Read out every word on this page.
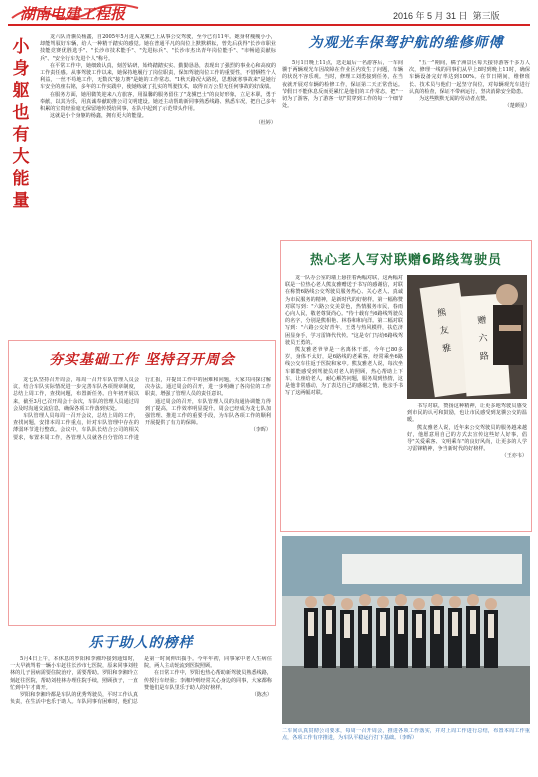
湖南电建工程报	2016 年 5 月 31 日 第三版
小身躯也有大能量

龙六队胥骥员杨鑫，自2005年5月进入龙骥已上从事公交驾驶，至今已有11年。她身材瘦瘦小小，却能驾驭好车辆，给人一种精干踏实的感觉。她在普通平凡的岗位上默默耕耘，曾先后获得"长沙市职业技能竞赛优胜选手"、"长沙市技术能手"、"先进标兵"、"长沙市杰出青年岗位能手"、"市畅通贡献标兵"、"安全行车先进个人"称号。

在平常工作中，她细致认真，刻苦钻研，始终踏踏实实、勤勤恳恳，表现出了强烈的事业心和高度的工作责任感。从事驾驶工作以来，她保持地履行了岗位职责，保知驾驶岗位工作的重要性，不惜牺牲个人利益，一丝不苟地工作，无数次"接力赛"是她的工作常态。"1秋天路况大路况，思想就寒事故来"是她行车安全的座右铭，多年的工作实践中，使她练就了扎实的驾驶技术，取得百万公里无任何事故的好成绩。

在服务方面，她用微笑迎来八方旅客，用温馨的服务留住了"龙骥巴士"的良好形象，立足本职，勇于奉献，以其为乐，用真诚奉献助推公司文明建设。她还主动帮助新同事熟悉线路、熟悉车况，把自己多年积累的宝贵经验毫无保留地传授给同事，在队中起到了示范带头作用。

这就是小个身躯的杨鑫，拥有更大的能量。

（杜婷）

为观光车保驾护航的维修师傅

5月1日晚上11点，送走最后一名游客后，一车间骥于两辆观光车因故障在作业区内发生了问题，车辆的状况不容乐观。当时，修理工刘勇接到任务，在当夜就开展对车辆的检修工作，保证第二天正常营运。节假日不能休息反而更累忙是他们的工作常态，把"一切为了游客，为了游客一切"贯穿到工作的每一个细节处。

"五一"期间，橘子洲景区每天接待游客千多万人次，修理一线的同事们从早上8时到晚上11时，确保车辆设备完好率达到100%。在节日期间，维修班长、技术员与他们一起坚守岗位，对每辆观光车进行认真的检查，保证不带病运行，坚决消除安全隐患。

为这些默默无闻的劳动者点赞。

（楚颜星）

热心老人写对联赠6路线驾驶员

龙一队办公室的墙上悬挂着两幅对联，这两幅对联是一位热心老人熊友雅赠送于书写的感谢信，对联在称赞6路线公交驾驶员服务热心、关心老人、真诚为市民服务的精神，是新时代的好榜样。第一幅称赞对联写到："六路公交美景色，热情服务市民，春雨心向人民，敬老尊贤尚心。"待十载有当6路线驾驶员的名字，分别是熊相艳、林春和和向洋。第二幅对联写到："六路公交好青年，王勇与热风模样，扶危济困显身手，学习雷锋代代传。"这是专门写给6路线驾驶员王勇的。

熊友雅老爷爷是一名离休干部，今年已80多岁，身体不太好，是6路线的老乘客，经常乘坐6路线公交车往返于医院和家中。熊友雅老人说，每次坐车都能感受到驾驶员对老人的照顾，热心帮助上下车，让座给老人，耐心解答问题，服务周到热情，这是他非常感动，为了表达自己的感谢之情，他亲手书写了这两幅对联。

熊
友
雅
赠
六
路

书写对联，赞扬这种精神，让更多地驾驶员感受到市民的认可和鼓励，也让市民感受到龙骥公交的温暖。

熊友雅老人说，近年来公交驾驶员的服务越来越好，他愿意用自己的方式去宣传这些好人好事，倡导"关爱乘客、文明乘车"的良好风尚，让更多的人学习雷锋精神，争当新时代的好榜样。

（王亦韦）

夯实基础工作 坚持召开周会

龙七队坚持召开周会，每周一召开车队管理人员会议，结合车队实际情况进一步完善车队各项规章制度，总结上周工作，查找问题，布置新任务。自年初开展以来，截至3月已召开周会十余次，车队的管理人员通过周会及时沟通交流信息，确保各项工作落到实处。

车队管理人员每周一召开会议，总结上周的工作，查找问题，安排本周工作重点，针对车队管理中存在的薄弱环节进行整改。会议中，车队队长结合公司的相关要求，布置本周工作，各管理人员就各自分管的工作进行汇报，并提出工作中的困难和问题，大家共同探讨解决办法。通过周会的召开，进一步明确了各岗位的工作职责，增强了管理人员的责任意识。

通过周会的召开，车队管理人员的沟通协调能力得到了提高，工作效率明显提升。周会已经成为龙七队加强管理、推进工作的重要手段，为车队各项工作的顺利开展提供了有力的保障。

（李晖）

乐于助人的榜样

5月4日上午，本休息的罗阳和李湘玲接到通知时，一大早就驾着一辆小车赶往长沙市七医院，原来同事刘桂林的儿子因病需要住院治疗，需要帮助。罗阳和李湘玲立刻赶往医院，帮助刘桂林办理住院手续，照顾孩子，一直忙到中午才离开。

罗阳和李湘玲都是车队的优秀驾驶员，平时工作认真负责，在生活中也乐于助人。车队同事有困难时，他们总是第一时间伸出援手。今年年初，同事家中老人生病住院，两人主动轮流到医院照顾。

在日常工作中，罗阳也热心帮助新驾驶员熟悉线路，传授行车经验；李湘玲则经常关心身边的同事，大家都称赞他们是车队里乐于助人的好榜样。

（陈杰）

二车间认真贯彻公司要求，每周一召开周会，推进各项工作落实，并对上周工作进行总结，布置本周工作重点，各项工作有序推进，为车队平稳运行打下基础。（李晖）
